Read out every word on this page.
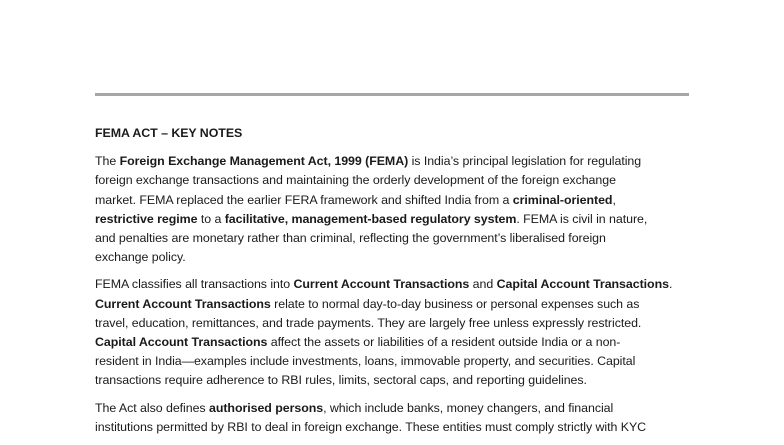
FEMA ACT – KEY NOTES

The Foreign Exchange Management Act, 1999 (FEMA) is India’s principal legislation for regulating
foreign exchange transactions and maintaining the orderly development of the foreign exchange
market. FEMA replaced the earlier FERA framework and shifted India from a criminal-oriented,
restrictive regime to a facilitative, management-based regulatory system. FEMA is civil in nature,
and penalties are monetary rather than criminal, reflecting the government’s liberalised foreign
exchange policy.

FEMA classifies all transactions into Current Account Transactions and Capital Account Transactions.
Current Account Transactions relate to normal day-to-day business or personal expenses such as
travel, education, remittances, and trade payments. They are largely free unless expressly restricted.
Capital Account Transactions affect the assets or liabilities of a resident outside India or a non-
resident in India—examples include investments, loans, immovable property, and securities. Capital
transactions require adherence to RBI rules, limits, sectoral caps, and reporting guidelines.

The Act also defines authorised persons, which include banks, money changers, and financial
institutions permitted by RBI to deal in foreign exchange. These entities must comply strictly with KYC
